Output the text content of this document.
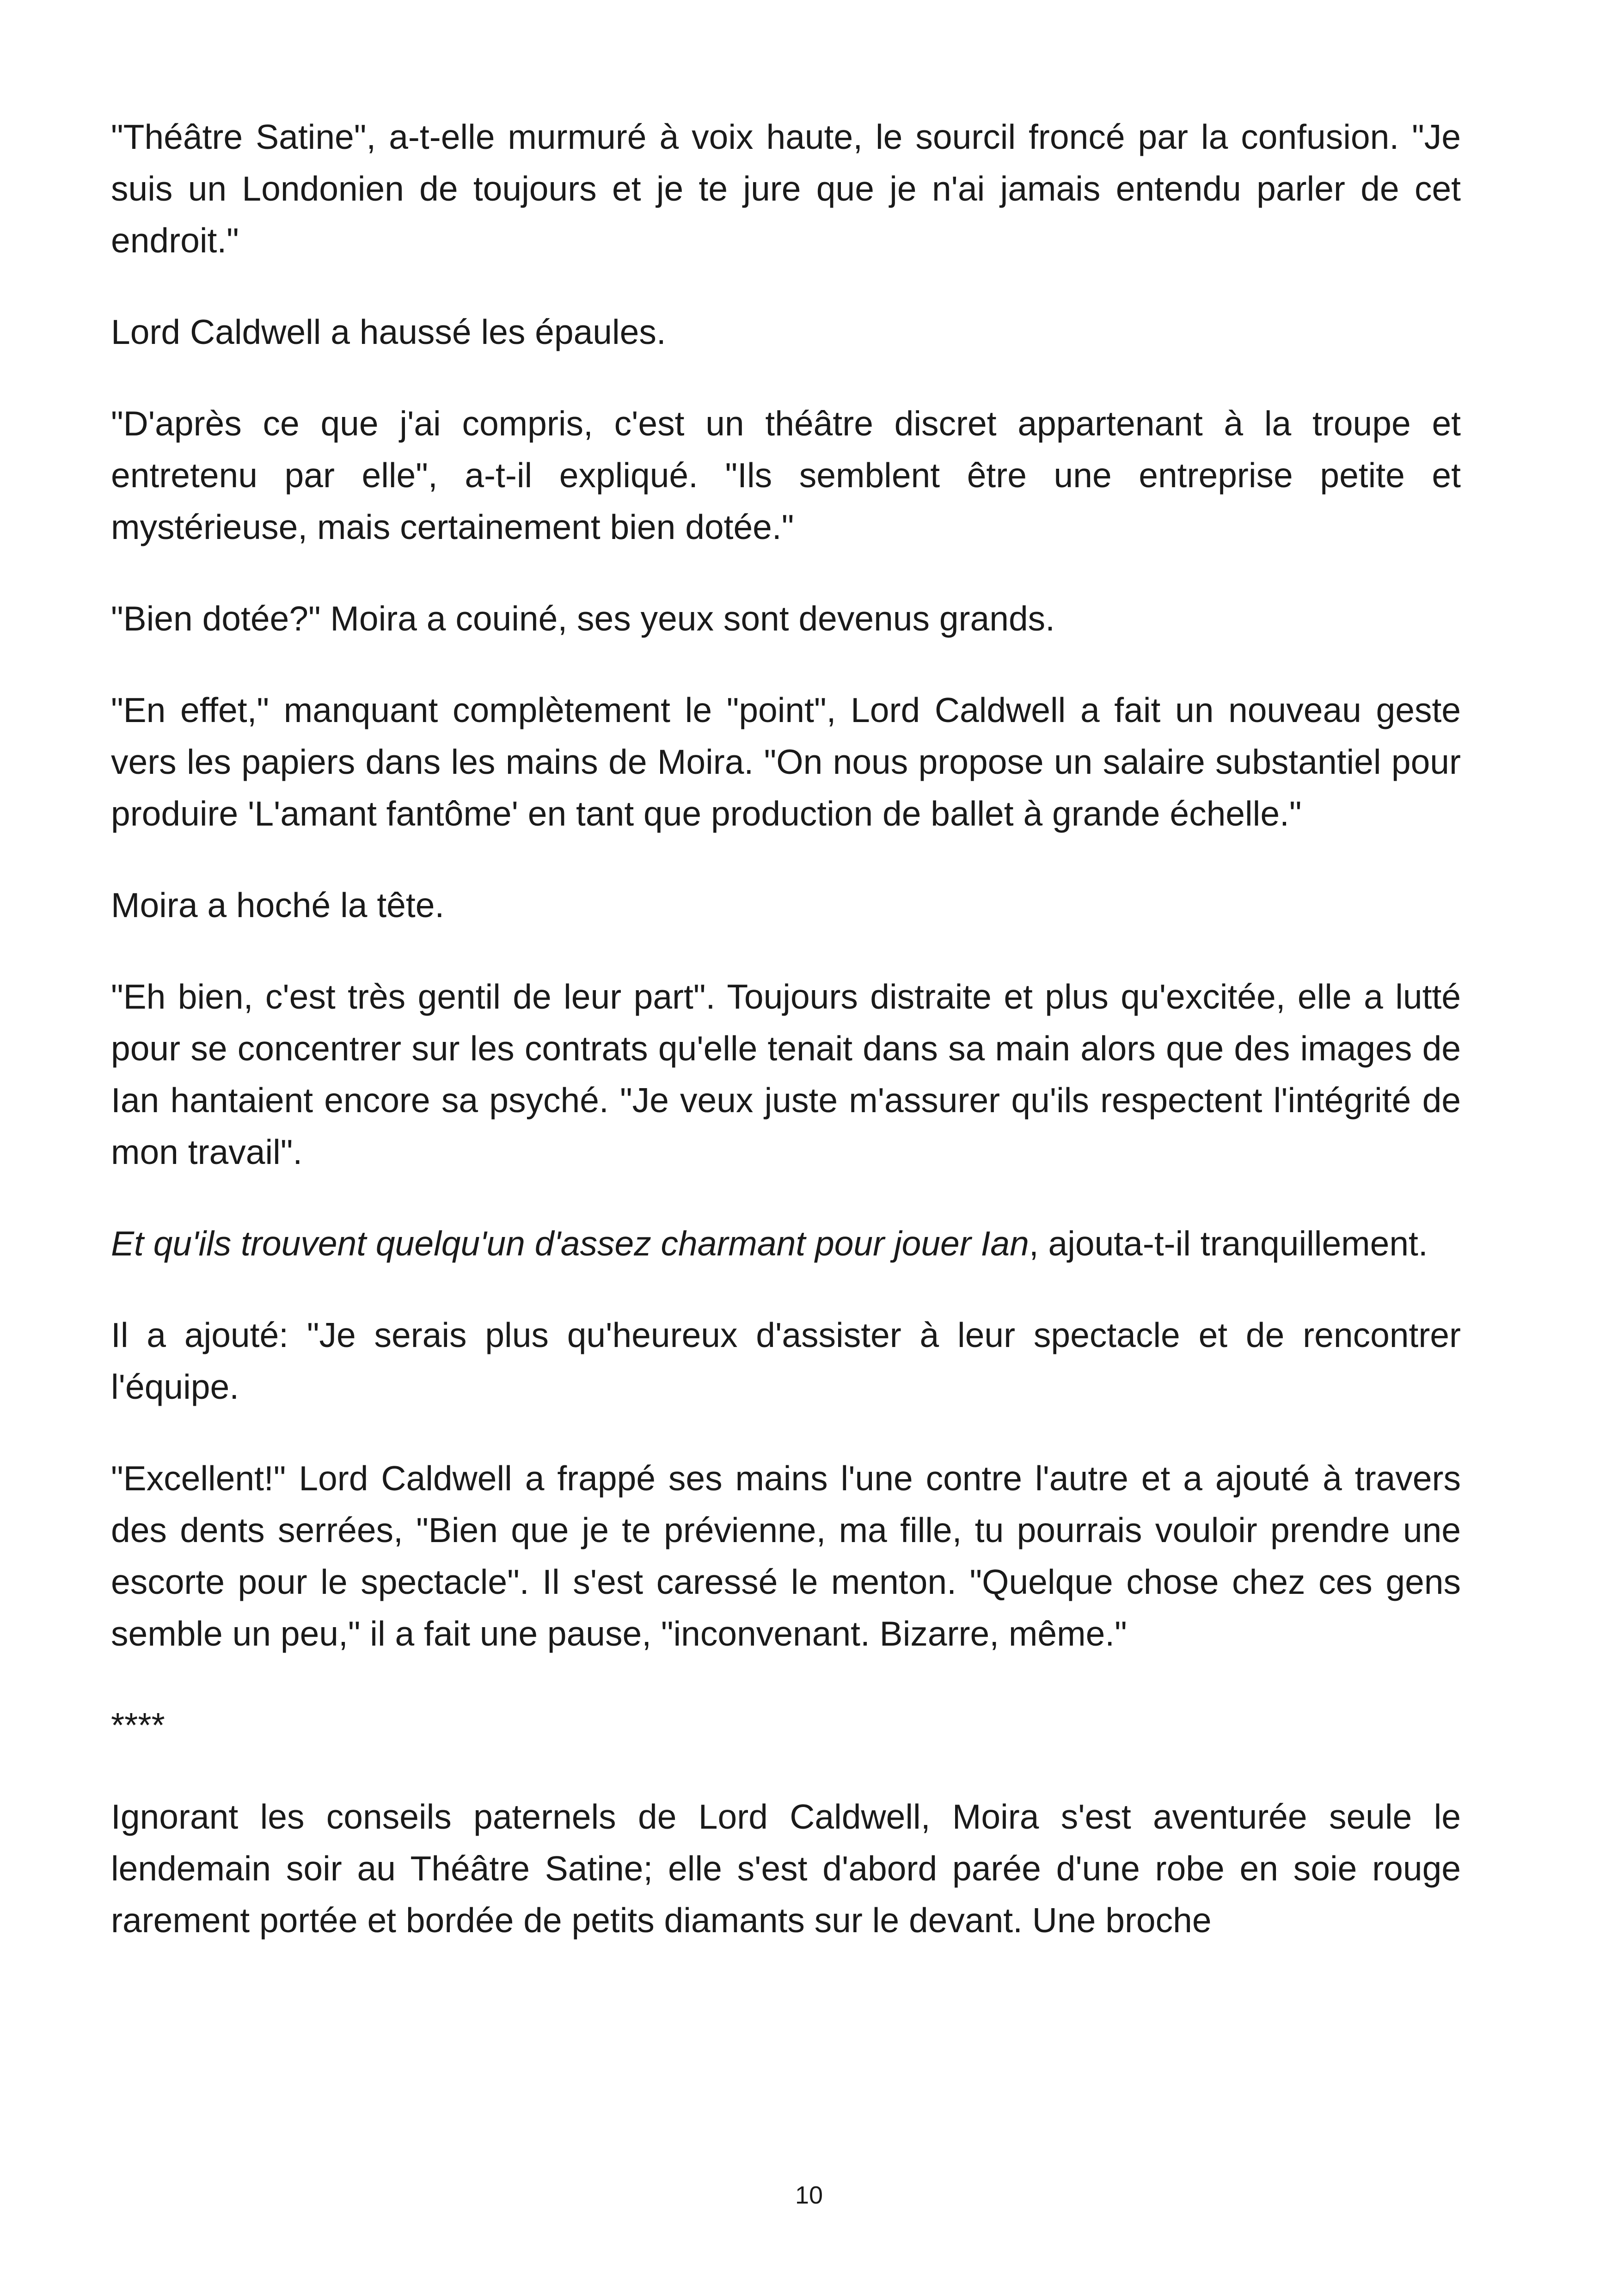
"Théâtre Satine", a-t-elle murmuré à voix haute, le sourcil froncé par la confusion. "Je suis un Londonien de toujours et je te jure que je n'ai jamais entendu parler de cet endroit."

Lord Caldwell a haussé les épaules.

"D'après ce que j'ai compris, c'est un théâtre discret appartenant à la troupe et entretenu par elle", a-t-il expliqué. "Ils semblent être une entreprise petite et mystérieuse, mais certainement bien dotée."

"Bien dotée?" Moira a couiné, ses yeux sont devenus grands.

"En effet," manquant complètement le "point", Lord Caldwell a fait un nouveau geste vers les papiers dans les mains de Moira. "On nous propose un salaire substantiel pour produire 'L'amant fantôme' en tant que production de ballet à grande échelle."

Moira a hoché la tête.

"Eh bien, c'est très gentil de leur part". Toujours distraite et plus qu'excitée, elle a lutté pour se concentrer sur les contrats qu'elle tenait dans sa main alors que des images de Ian hantaient encore sa psyché. "Je veux juste m'assurer qu'ils respectent l'intégrité de mon travail".

Et qu'ils trouvent quelqu'un d'assez charmant pour jouer Ian, ajouta-t-il tranquillement.

Il a ajouté: "Je serais plus qu'heureux d'assister à leur spectacle et de rencontrer l'équipe.

"Excellent!" Lord Caldwell a frappé ses mains l'une contre l'autre et a ajouté à travers des dents serrées, "Bien que je te prévienne, ma fille, tu pourrais vouloir prendre une escorte pour le spectacle". Il s'est caressé le menton. "Quelque chose chez ces gens semble un peu," il a fait une pause, "inconvenant. Bizarre, même."

****

Ignorant les conseils paternels de Lord Caldwell, Moira s'est aventurée seule le lendemain soir au Théâtre Satine; elle s'est d'abord parée d'une robe en soie rouge rarement portée et bordée de petits diamants sur le devant. Une broche

10
